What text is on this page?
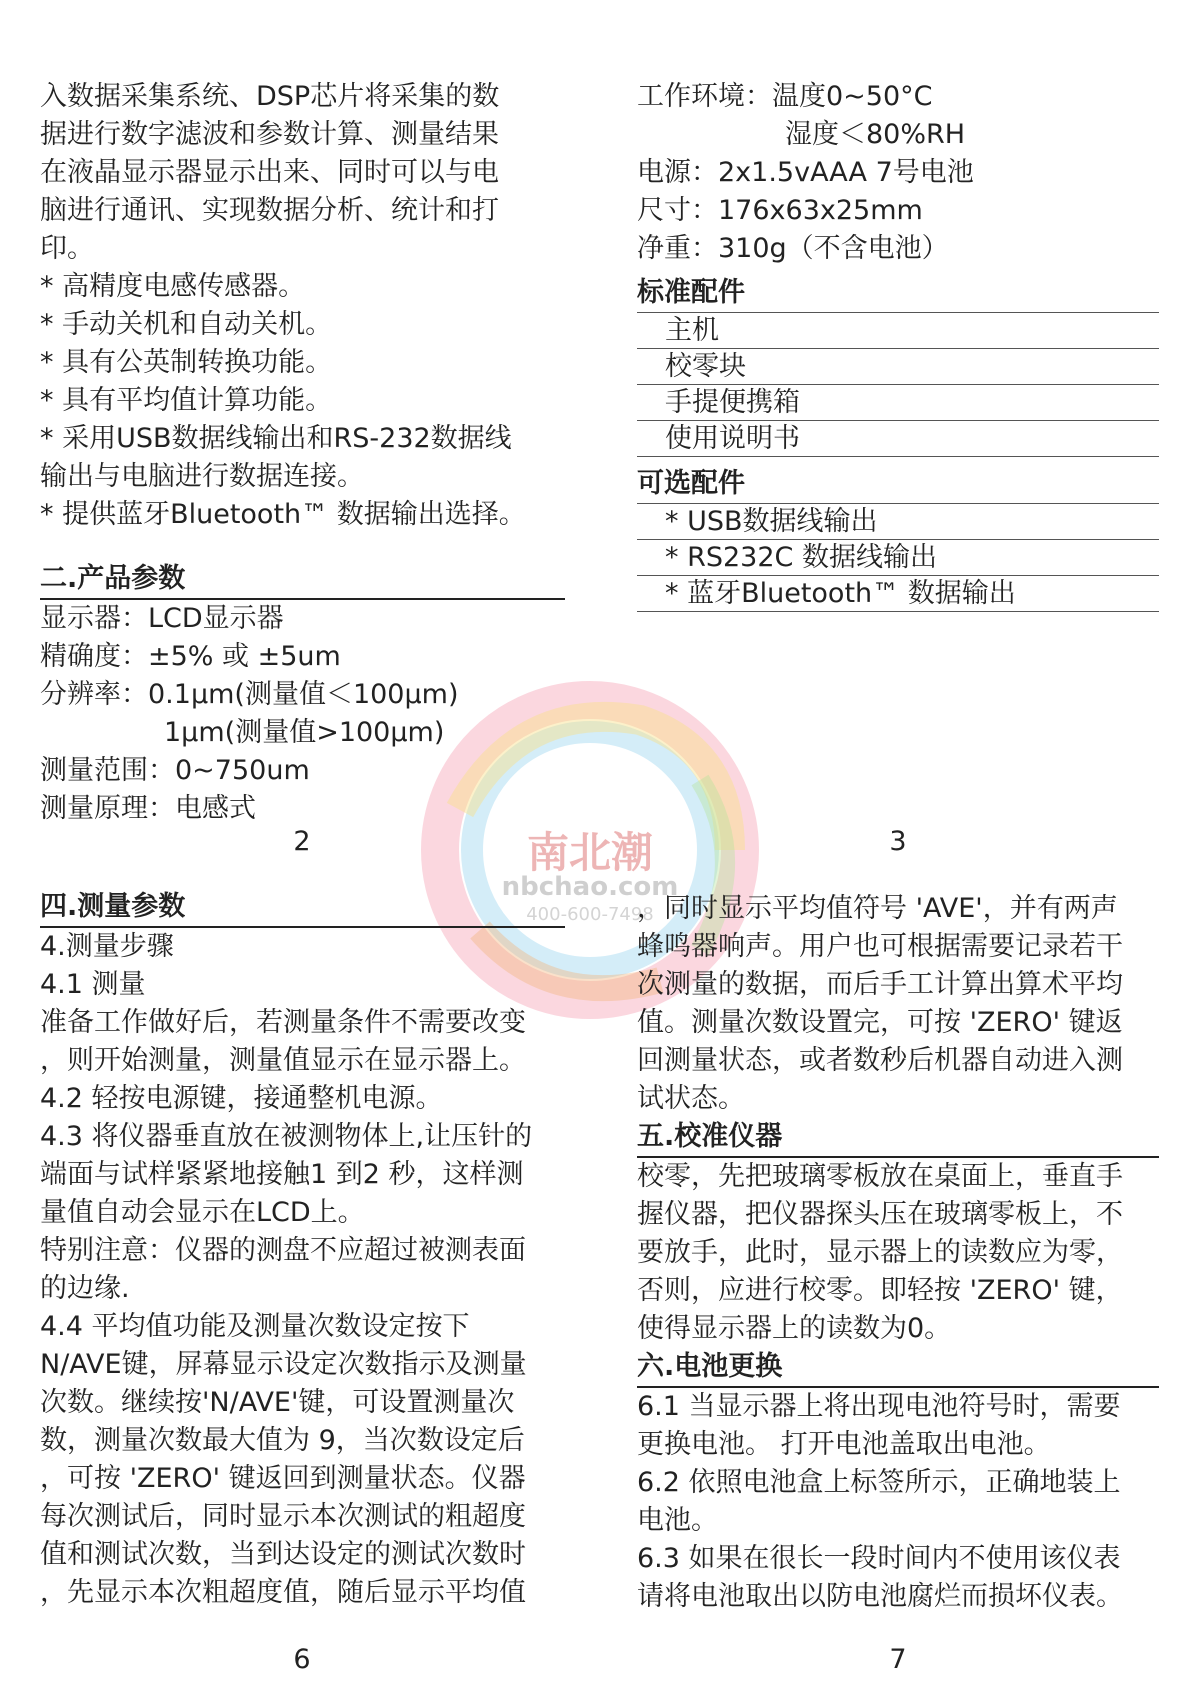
南北潮
nbchao.com
400-600-7498

入数据采集系统、DSP芯片将采集的数

据进行数字滤波和参数计算、测量结果

在液晶显示器显示出来、同时可以与电

脑进行通讯、实现数据分析、统计和打

印。

* 高精度电感传感器。

* 手动关机和自动关机。

* 具有公英制转换功能。

* 具有平均值计算功能。

* 采用USB数据线输出和RS-232数据线

输出与电脑进行数据连接。

* 提供蓝牙Bluetooth™ 数据输出选择。

二.产品参数

显示器：LCD显示器

精确度：±5% 或 ±5um

分辨率：0.1μm(测量值＜100μm)

1μm(测量值>100μm)

测量范围：0~750um

测量原理：电感式

2

工作环境：温度0~50°C

湿度＜80%RH

电源：2x1.5vAAA 7号电池

尺寸：176x63x25mm

净重：310g（不含电池）

标准配件
主机
校零块
手提便携箱
使用说明书
可选配件
* USB数据线输出
* RS232C 数据线输出
* 蓝牙Bluetooth™ 数据输出
3
四.测量参数

4.测量步骤

4.1 测量

准备工作做好后，若测量条件不需要改变

，则开始测量，测量值显示在显示器上。

4.2 轻按电源键，接通整机电源。

4.3 将仪器垂直放在被测物体上,让压针的

端面与试样紧紧地接触1 到2 秒，这样测

量值自动会显示在LCD上。

特别注意：仪器的测盘不应超过被测表面

的边缘.

4.4 平均值功能及测量次数设定按下

N/AVE键，屏幕显示设定次数指示及测量

次数。继续按'N/AVE'键，可设置测量次

数，测量次数最大值为 9，当次数设定后

，可按 'ZERO' 键返回到测量状态。仪器

每次测试后，同时显示本次测试的粗超度

值和测试次数，当到达设定的测试次数时

，先显示本次粗超度值，随后显示平均值

6

，同时显示平均值符号 'AVE'，并有两声

蜂鸣器响声。用户也可根据需要记录若干

次测量的数据，而后手工计算出算术平均

值。测量次数设置完，可按 'ZERO' 键返

回测量状态，或者数秒后机器自动进入测

试状态。

五.校准仪器

校零，先把玻璃零板放在桌面上，垂直手

握仪器，把仪器探头压在玻璃零板上，不

要放手，此时，显示器上的读数应为零，

否则，应进行校零。即轻按 'ZERO' 键，

使得显示器上的读数为0。

六.电池更换

6.1 当显示器上将出现电池符号时，需要

更换电池。 打开电池盖取出电池。

6.2 依照电池盒上标签所示，正确地装上

电池。

6.3 如果在很长一段时间内不使用该仪表

请将电池取出以防电池腐烂而损坏仪表。

7
